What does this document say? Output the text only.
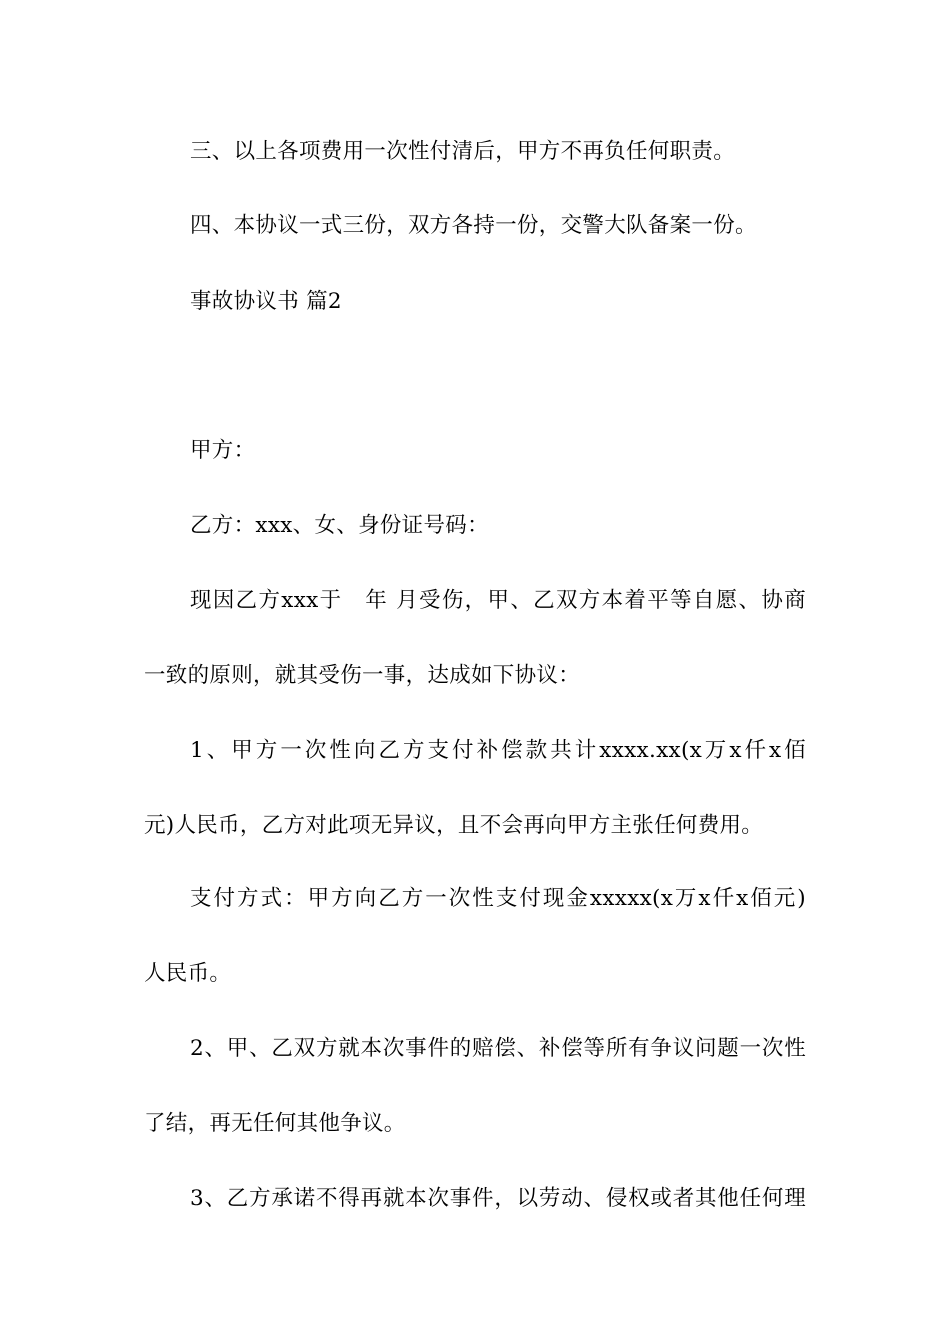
三、以上各项费用一次性付清后，甲方不再负任何职责。
四、本协议一式三份，双方各持一份，交警大队备案一份。
事故协议书 篇2
甲方：
乙方：xxx、女、身份证号码：
现因乙方xxx于　年 月受伤，甲、乙双方本着平等自愿、协商
一致的原则，就其受伤一事，达成如下协议：
1、甲方一次性向乙方支付补偿款共计xxxx.xx(x万x仟x佰
元)人民币，乙方对此项无异议，且不会再向甲方主张任何费用。
支付方式：甲方向乙方一次性支付现金xxxxx(x万x仟x佰元)
人民币。
2、甲、乙双方就本次事件的赔偿、补偿等所有争议问题一次性
了结，再无任何其他争议。
3、乙方承诺不得再就本次事件，以劳动、侵权或者其他任何理
